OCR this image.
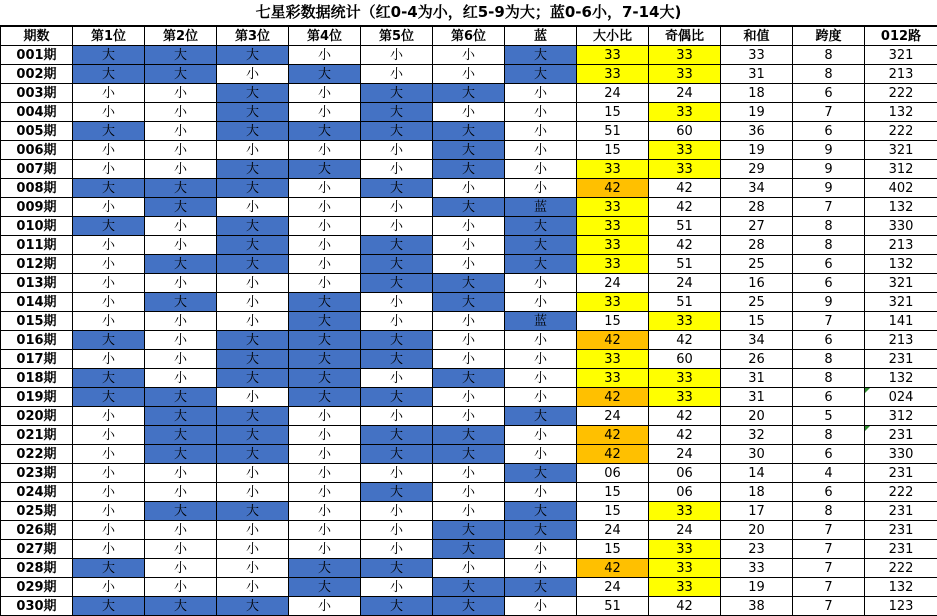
七星彩数据统计（红0-4为小，红5-9为大；蓝0-6小，7-14大)
期数	第1位	第2位	第3位	第4位	第5位	第6位	蓝	大小比	奇偶比	和值	跨度	012路
001期	大	大	大	小	小	小	大	33	33	33	8	321
002期	大	大	小	大	小	小	大	33	33	31	8	213
003期	小	小	大	小	大	大	小	24	24	18	6	222
004期	小	小	大	小	大	小	小	15	33	19	7	132
005期	大	小	大	大	大	大	小	51	60	36	6	222
006期	小	小	小	小	小	大	小	15	33	19	9	321
007期	小	小	大	大	小	大	小	33	33	29	9	312
008期	大	大	大	小	大	小	小	42	42	34	9	402
009期	小	大	小	小	小	大	蓝	33	42	28	7	132
010期	大	小	大	小	小	小	大	33	51	27	8	330
011期	小	小	大	小	大	小	大	33	42	28	8	213
012期	小	大	大	小	大	小	大	33	51	25	6	132
013期	小	小	小	小	大	大	小	24	24	16	6	321
014期	小	大	小	大	小	大	小	33	51	25	9	321
015期	小	小	小	大	小	小	蓝	15	33	15	7	141
016期	大	小	大	大	大	小	小	42	42	34	6	213
017期	小	小	大	大	大	小	小	33	60	26	8	231
018期	大	小	大	大	小	大	小	33	33	31	8	132
019期	大	大	小	大	大	小	小	42	33	31	6	024
020期	小	大	大	小	小	小	大	24	42	20	5	312
021期	小	大	大	小	大	大	小	42	42	32	8	231
022期	小	大	大	小	大	大	小	42	24	30	6	330
023期	小	小	小	小	小	小	大	06	06	14	4	231
024期	小	小	小	小	大	小	小	15	06	18	6	222
025期	小	大	大	小	小	小	大	15	33	17	8	231
026期	小	小	小	小	小	大	大	24	24	20	7	231
027期	小	小	小	小	小	大	小	15	33	23	7	231
028期	大	小	小	大	大	小	小	42	33	33	7	222
029期	小	小	小	大	小	大	大	24	33	19	7	132
030期	大	大	大	小	大	大	小	51	42	38	7	123
